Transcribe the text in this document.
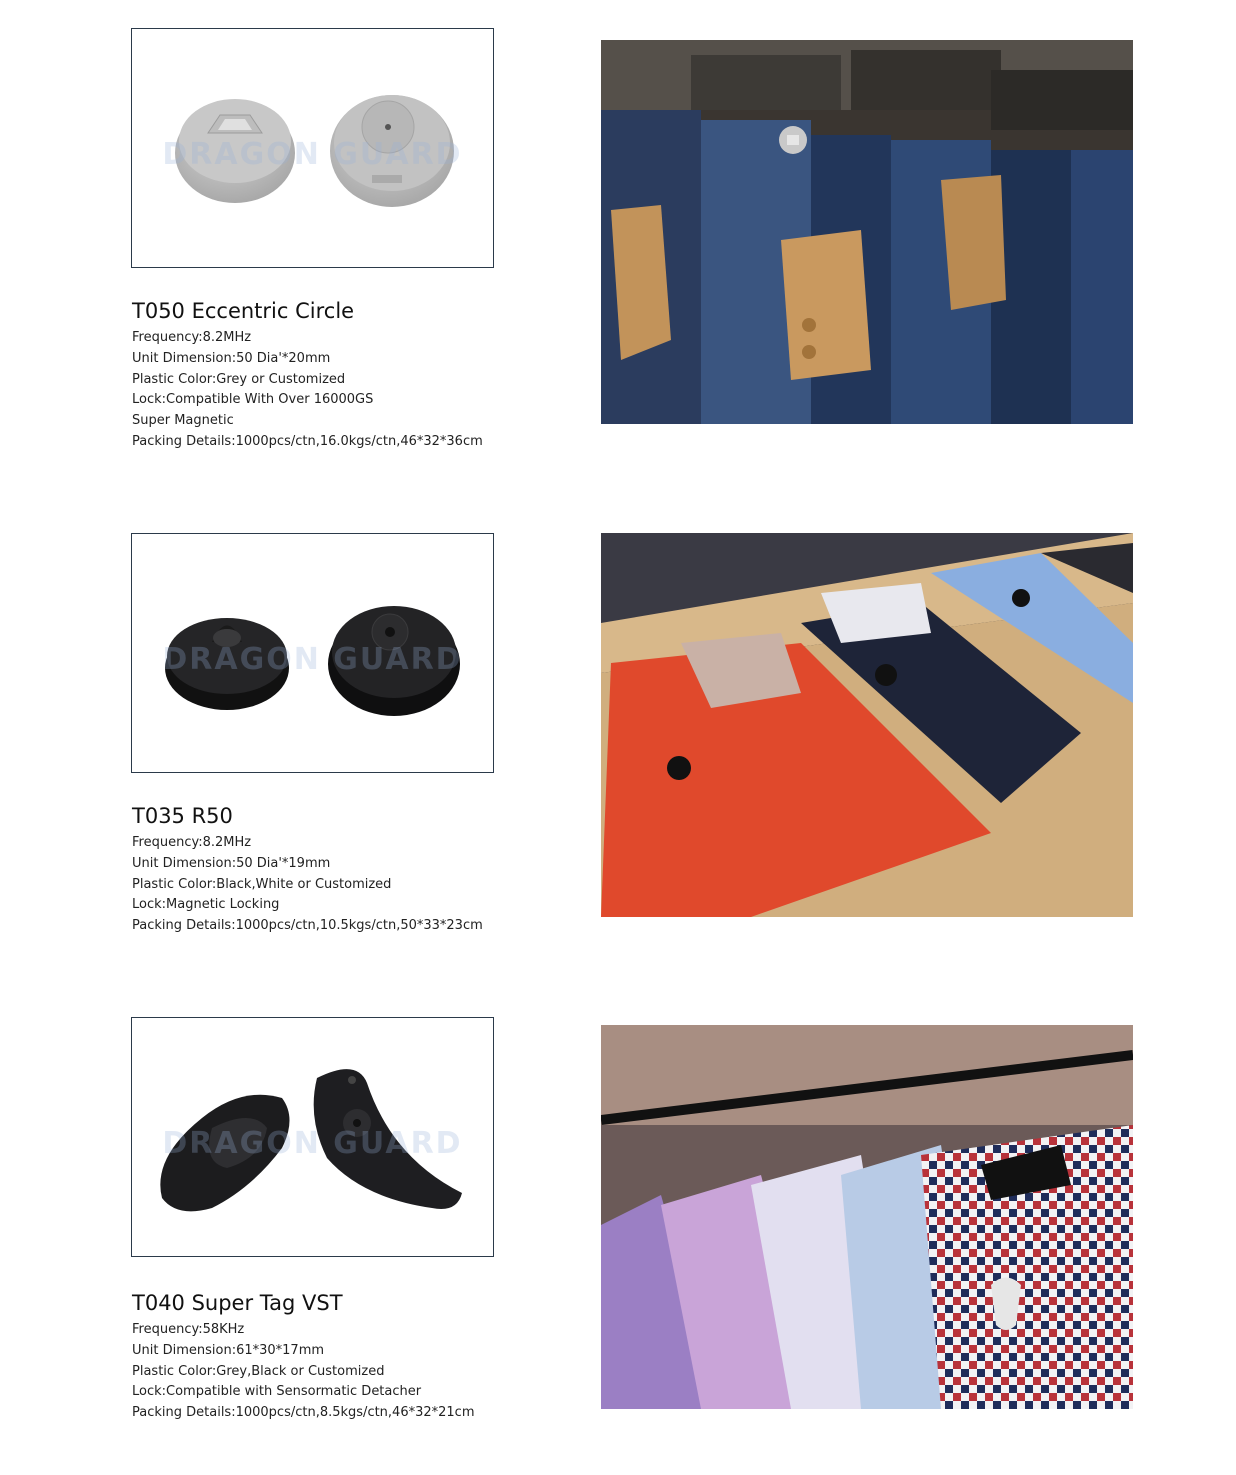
DRAGON GUARD

T050 Eccentric Circle

Frequency:8.2MHz

Unit Dimension:50 Dia'*20mm

Plastic Color:Grey or Customized

Lock:Compatible With Over 16000GS

Super Magnetic

Packing Details:1000pcs/ctn,16.0kgs/ctn,46*32*36cm

DRAGON GUARD

T035 R50

Frequency:8.2MHz

Unit Dimension:50 Dia'*19mm

Plastic Color:Black,White or Customized

Lock:Magnetic Locking

Packing Details:1000pcs/ctn,10.5kgs/ctn,50*33*23cm

DRAGON GUARD

T040 Super Tag VST

Frequency:58KHz

Unit Dimension:61*30*17mm

Plastic Color:Grey,Black or Customized

Lock:Compatible with Sensormatic Detacher

Packing Details:1000pcs/ctn,8.5kgs/ctn,46*32*21cm
